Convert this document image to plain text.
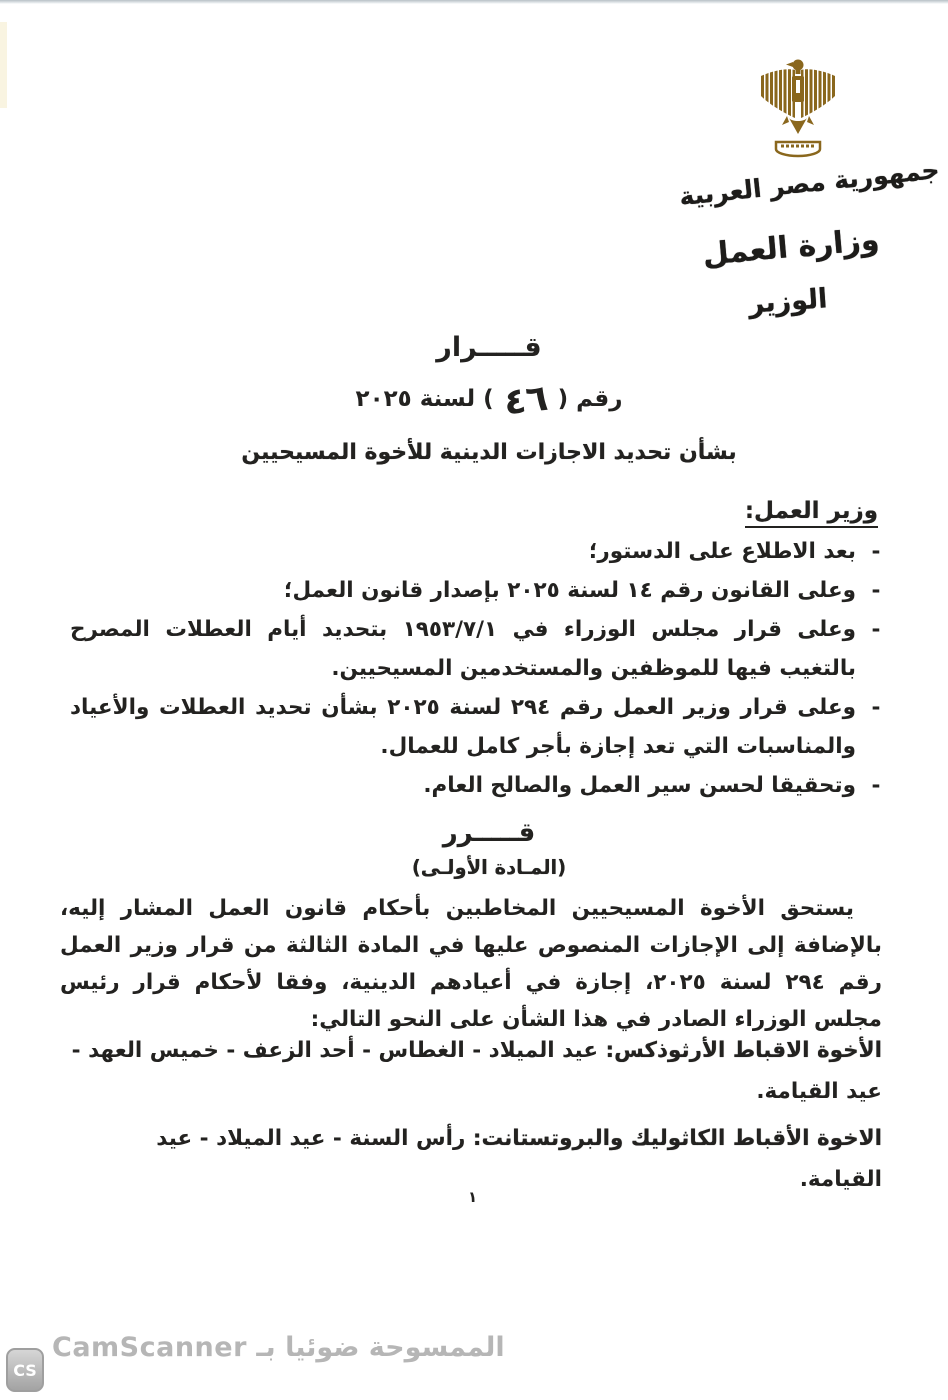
جمهورية مصر العربية
وزارة العمل
الوزير
قـــــرار
رقم ( ٤٦ ) لسنة ٢٠٢٥
بشأن تحديد الاجازات الدينية للأخوة المسيحيين
وزير العمل:
-
بعد الاطلاع على الدستور؛
-
وعلى القانون رقم ١٤ لسنة ٢٠٢٥ بإصدار قانون العمل؛
-
وعلى قرار مجلس الوزراء في ١٩٥٣/٧/١ بتحديد أيام العطلات المصرح بالتغيب فيها للموظفين والمستخدمين المسيحيين.
-
وعلى قرار وزير العمل رقم ٢٩٤ لسنة ٢٠٢٥ بشأن تحديد العطلات والأعياد والمناسبات التي تعد إجازة بأجر كامل للعمال.
-
وتحقيقا لحسن سير العمل والصالح العام.
قـــــرر
(المـادة الأولـى)
يستحق الأخوة المسيحيين المخاطبين بأحكام قانون العمل المشار إليه، بالإضافة إلى الإجازات المنصوص عليها في المادة الثالثة من قرار وزير العمل رقم ٢٩٤ لسنة ٢٠٢٥، إجازة في أعيادهم الدينية، وفقا لأحكام قرار رئيس مجلس الوزراء الصادر في هذا الشأن على النحو التالي:
الأخوة الاقباط الأرثوذكس: عيد الميلاد - الغطاس - أحد الزعف - خميس العهد - عيد القيامة.
الاخوة الأقباط الكاثوليك والبروتستانت: رأس السنة - عيد الميلاد - عيد القيامة.
١
الممسوحة ضوئيا بـ CamScanner
CS
